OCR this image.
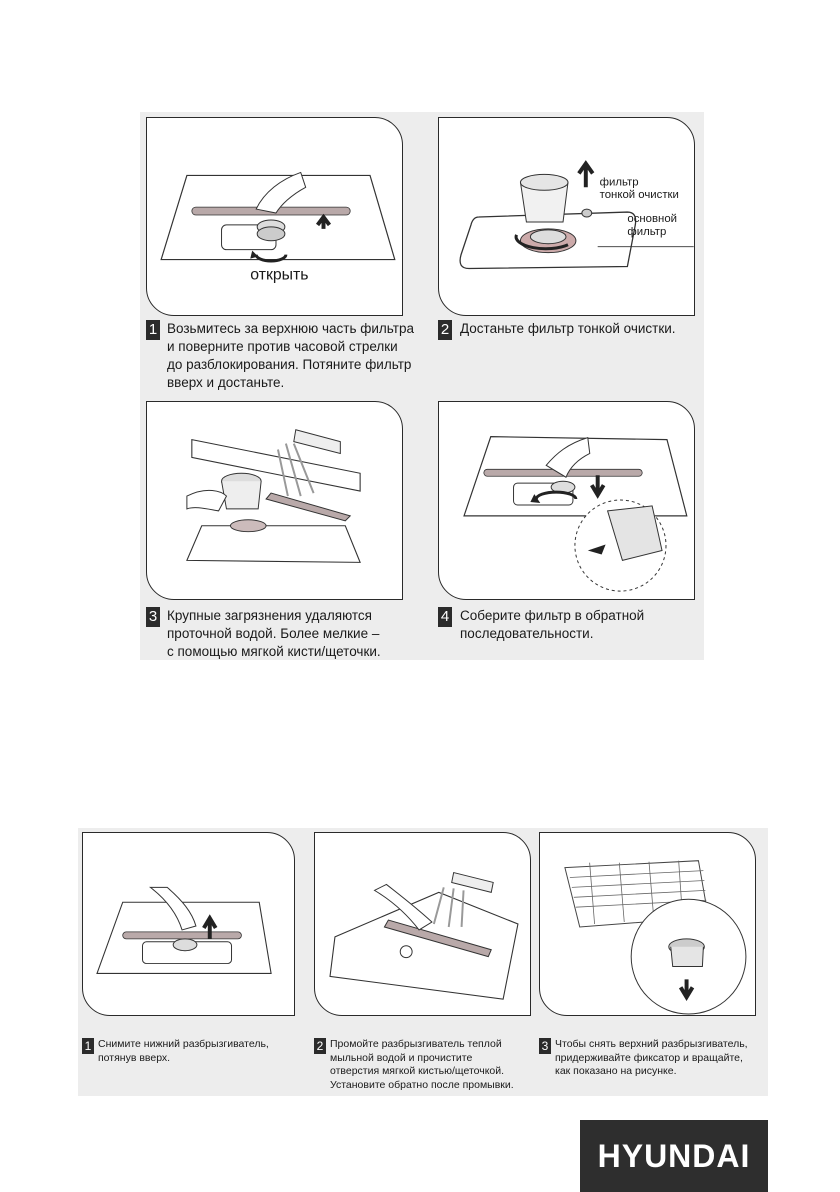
открыть
фильтр тонкой очистки
основной фильтр
1 Возьмитесь за верхнюю часть фильтра
и поверните против часовой стрелки
до разблокирования. Потяните фильтр
вверх и достаньте.
2 Достаньте фильтр тонкой очистки.
3 Крупные загрязнения удаляются
проточной водой. Более мелкие –
с помощью мягкой кисти/щеточки.
4 Соберите фильтр в обратной
последовательности.
1 Снимите нижний разбрызгиватель,
потянув вверх.
2 Промойте разбрызгиватель теплой
мыльной водой и прочистите
отверстия мягкой кистью/щеточкой.
Установите обратно после промывки.
3 Чтобы снять верхний разбрызгиватель,
придерживайте фиксатор и вращайте,
как показано на рисунке.
HYUNDAI
